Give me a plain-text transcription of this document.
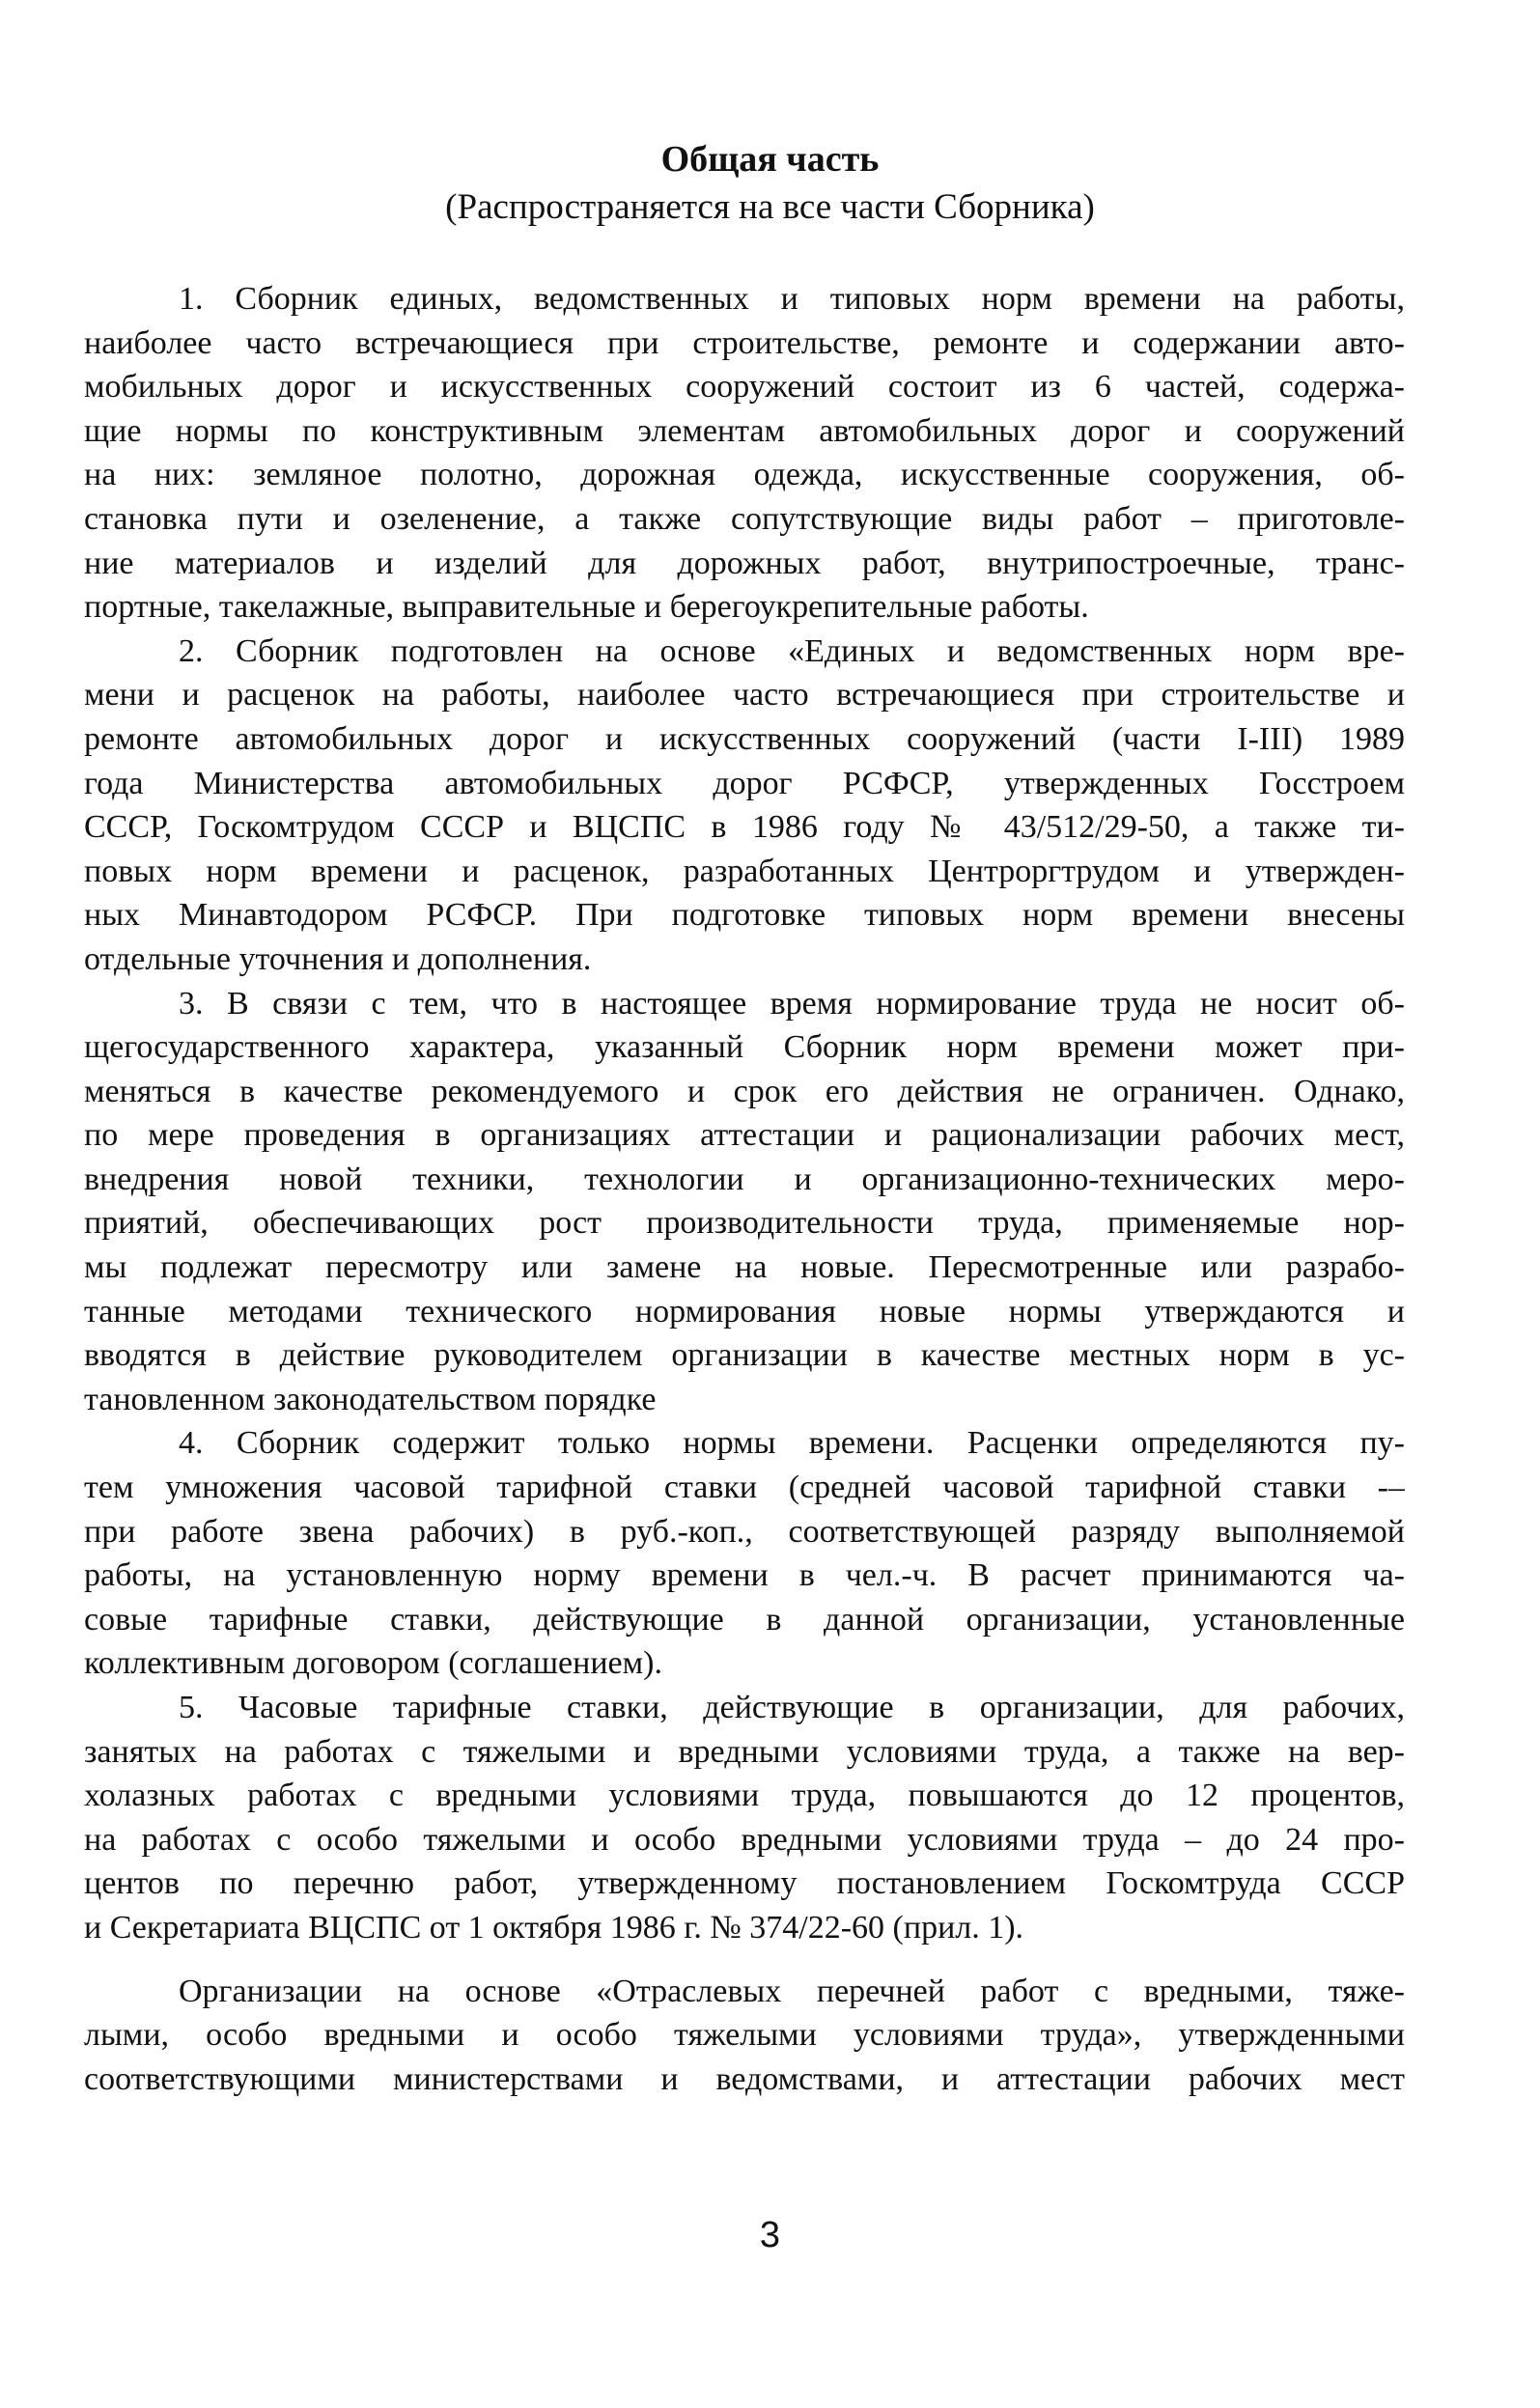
Общая часть
(Распространяется на все части Сборника)
1. Сборник единых, ведомственных и типовых норм времени на работы,
наиболее часто встречающиеся при строительстве, ремонте и содержании авто-
мобильных дорог и искусственных сооружений состоит из 6 частей, содержа-
щие нормы по конструктивным элементам автомобильных дорог и сооружений
на них: земляное полотно, дорожная одежда, искусственные сооружения, об-
становка пути и озеленение, а также сопутствующие виды работ – приготовле-
ние материалов и изделий для дорожных работ, внутрипостроечные, транс-
портные, такелажные, выправительные и берегоукрепительные работы.
2. Сборник подготовлен на основе «Единых и ведомственных норм вре-
мени и расценок на работы, наиболее часто встречающиеся при строительстве и
ремонте автомобильных дорог и искусственных сооружений (части I-III) 1989
года Министерства автомобильных дорог РСФСР, утвержденных Госстроем
СССР, Госкомтрудом СССР и ВЦСПС в 1986 году № 43/512/29-50, а также ти-
повых норм времени и расценок, разработанных Центроргтрудом и утвержден-
ных Минавтодором РСФСР. При подготовке типовых норм времени внесены
отдельные уточнения и дополнения.
3. В связи с тем, что в настоящее время нормирование труда не носит об-
щегосударственного характера, указанный Сборник норм времени может при-
меняться в качестве рекомендуемого и срок его действия не ограничен. Однако,
по мере проведения в организациях аттестации и рационализации рабочих мест,
внедрения новой техники, технологии и организационно-технических меро-
приятий, обеспечивающих рост производительности труда, применяемые нор-
мы подлежат пересмотру или замене на новые. Пересмотренные или разрабо-
танные методами технического нормирования новые нормы утверждаются и
вводятся в действие руководителем организации в качестве местных норм в ус-
тановленном законодательством порядке
4. Сборник содержит только нормы времени. Расценки определяются пу-
тем умножения часовой тарифной ставки (средней часовой тарифной ставки -–
при работе звена рабочих) в руб.-коп., соответствующей разряду выполняемой
работы, на установленную норму времени в чел.-ч. В расчет принимаются ча-
совые тарифные ставки, действующие в данной организации, установленные
коллективным договором (соглашением).
5. Часовые тарифные ставки, действующие в организации, для рабочих,
занятых на работах с тяжелыми и вредными условиями труда, а также на вер-
холазных работах с вредными условиями труда, повышаются до 12 процентов,
на работах с особо тяжелыми и особо вредными условиями труда – до 24 про-
центов по перечню работ, утвержденному постановлением Госкомтруда СССР
и Секретариата ВЦСПС от 1 октября 1986 г. № 374/22-60 (прил. 1).
Организации на основе «Отраслевых перечней работ с вредными, тяже-
лыми, особо вредными и особо тяжелыми условиями труда», утвержденными
соответствующими министерствами и ведомствами, и аттестации рабочих мест
3
